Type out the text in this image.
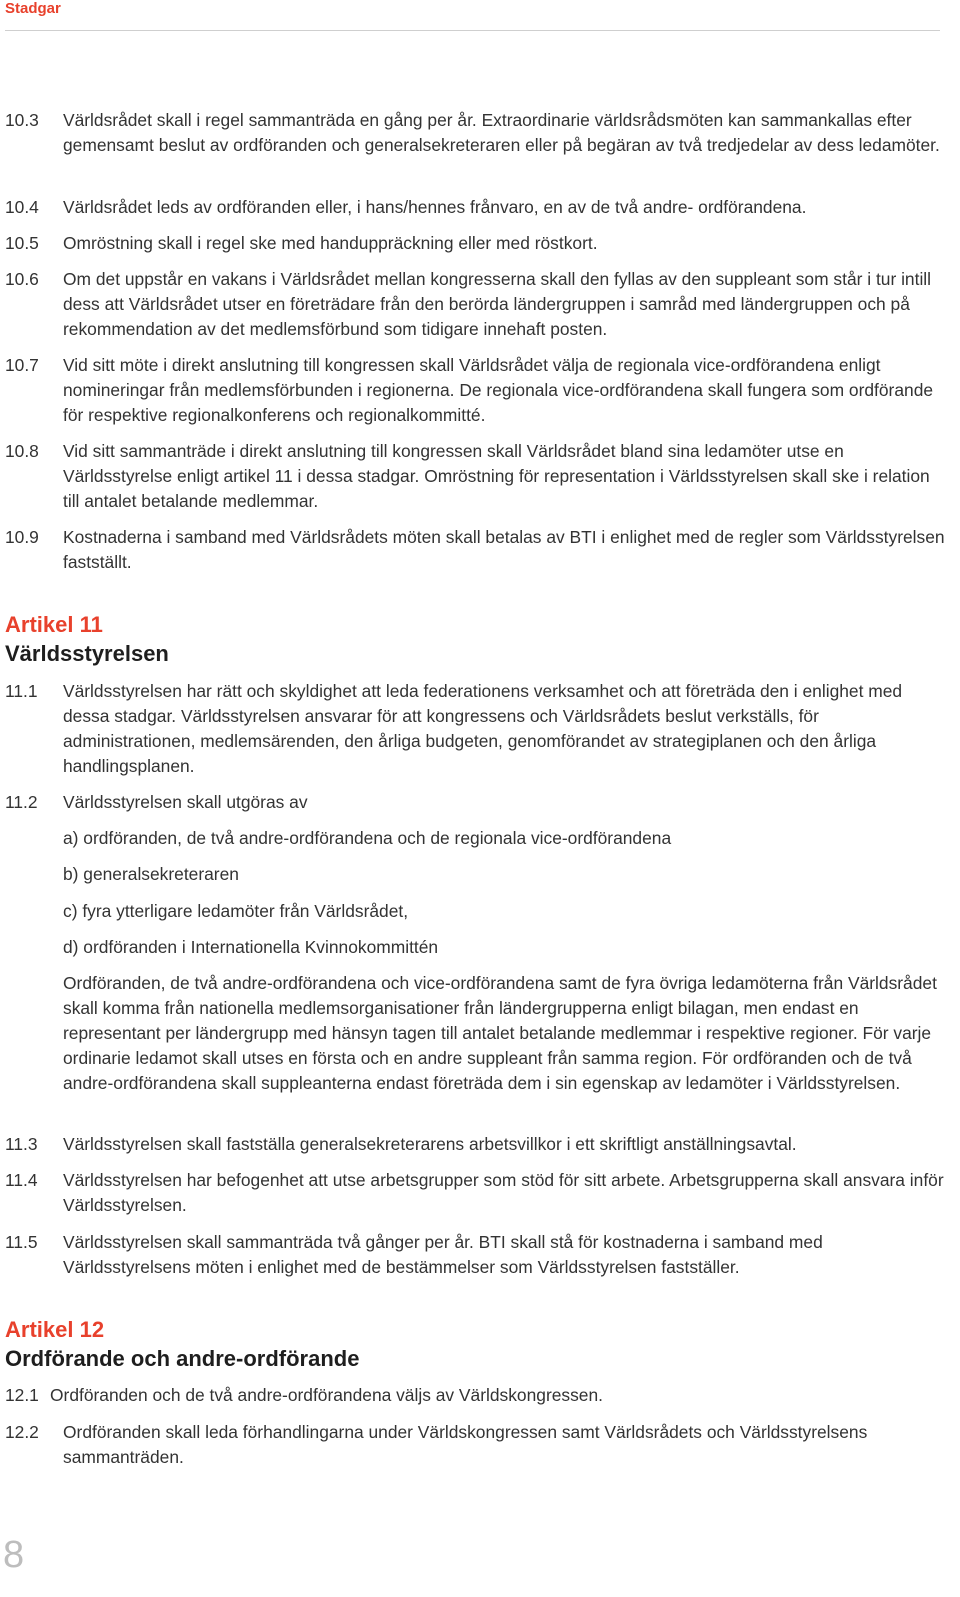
Stadgar
10.3	Världsrådet skall i regel sammanträda en gång per år. Extraordinarie världsrådsmöten kan sammankallas efter gemensamt beslut av ordföranden och generalsekreteraren eller på begäran av två tredjedelar av dess ledamöter.
10.4	Världsrådet leds av ordföranden eller, i hans/hennes frånvaro, en av de två andre- ordförandena.
10.5	Omröstning skall i regel ske med handuppräckning eller med röstkort.
10.6	Om det uppstår en vakans i Världsrådet mellan kongresserna skall den fyllas av den suppleant som står i tur intill dess att Världsrådet utser en företrädare från den berörda ländergruppen i samråd med ländergruppen och på rekommendation av det medlemsförbund som tidigare innehaft posten.
10.7	Vid sitt möte i direkt anslutning till kongressen skall Världsrådet välja de regionala vice-ordförandena enligt nomineringar från medlemsförbunden i regionerna. De regionala vice-ordförandena skall fungera som ordförande för respektive regionalkonferens och regionalkommitté.
10.8	Vid sitt sammanträde i direkt anslutning till kongressen skall Världsrådet bland sina ledamöter utse en Världsstyrelse enligt artikel 11 i dessa stadgar. Omröstning för representation i Världsstyrelsen skall ske i relation till antalet betalande medlemmar.
10.9	Kostnaderna i samband med Världsrådets möten skall betalas av BTI i enlighet med de regler som Världsstyrelsen fastställt.
Artikel 11
Världsstyrelsen
11.1	Världsstyrelsen har rätt och skyldighet att leda federationens verksamhet och att företräda den i enlighet med dessa stadgar. Världsstyrelsen ansvarar för att kongressens och Världsrådets beslut verkställs, för administrationen, medlemsärenden, den årliga budgeten, genomförandet av strategiplanen och den årliga handlingsplanen.
11.2	Världsstyrelsen skall utgöras av
a) ordföranden, de två andre-ordförandena och de regionala vice-ordförandena
b) generalsekreteraren
c) fyra ytterligare ledamöter från Världsrådet,
d) ordföranden i Internationella Kvinnokommittén
Ordföranden, de två andre-ordförandena och vice-ordförandena samt de fyra övriga ledamöterna från Världsrådet skall komma från nationella medlemsorganisationer från ländergrupperna enligt bilagan, men endast en representant per ländergrupp med hänsyn tagen till antalet betalande medlemmar i respektive regioner. För varje ordinarie ledamot skall utses en första och en andre suppleant från samma region. För ordföranden och de två andre-ordförandena skall suppleanterna endast företräda dem i sin egenskap av ledamöter i Världsstyrelsen.
11.3	Världsstyrelsen skall fastställa generalsekreterarens arbetsvillkor i ett skriftligt anställningsavtal.
11.4	Världsstyrelsen har befogenhet att utse arbetsgrupper som stöd för sitt arbete. Arbetsgrupperna skall ansvara inför Världsstyrelsen.
11.5	Världsstyrelsen skall sammanträda två gånger per år. BTI skall stå för kostnaderna i samband med Världsstyrelsens möten i enlighet med de bestämmelser som Världsstyrelsen fastställer.
Artikel 12
Ordförande och andre-ordförande
12.1 Ordföranden och de två andre-ordförandena väljs av Världskongressen.
12.2	Ordföranden skall leda förhandlingarna under Världskongressen samt Världsrådets och Världsstyrelsens sammanträden.
8
